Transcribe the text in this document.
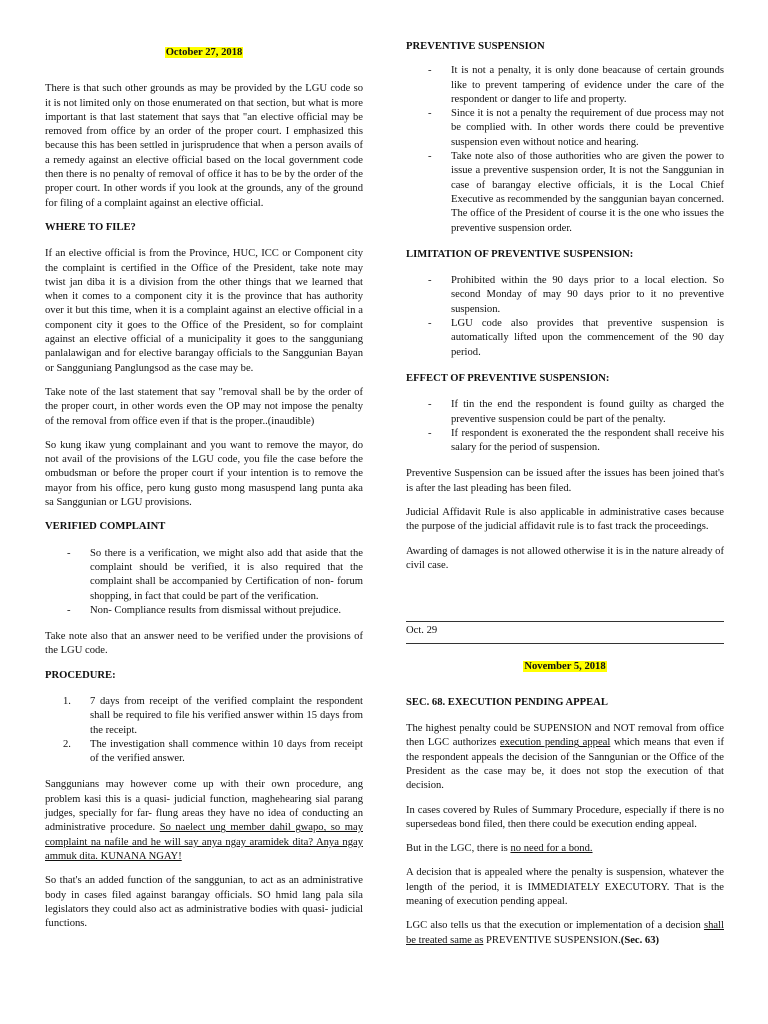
October 27, 2018

There is that such other grounds as may be provided by the LGU code so it is not limited only on those enumerated on that section, but what is more important is that last statement that says that "an elective official may be removed from office by an order of the proper court. I emphasized this because this has been settled in jurisprudence that when a person avails of a remedy against an elective official based on the local government code then there is no penalty of removal of office it has to be by the order of the proper court. In other words if you look at the grounds, any of the ground for filing of a complaint against an elective official.

WHERE TO FILE?

If an elective official is from the Province, HUC, ICC or Component city the complaint is certified in the Office of the President, take note may twist jan diba it is a division from the other things that we learned that when it comes to a component city it is the province that has authority over it but this time, when it is a complaint against an elective official in a component city it goes to the Office of the President, so for complaint against an elective official of a municipality it goes to the sangguniang panlalawigan and for elective barangay officials to the Sanggunian Bayan or Sangguniang Panglungsod as the case may be.

Take note of the last statement that say "removal shall be by the order of the proper court, in other words even the OP may not impose the penalty of the removal from office even if that is the proper..(inaudible)

So kung ikaw yung complainant and you want to remove the mayor, do not avail of the provisions of the LGU code, you file the case before the ombudsman or before the proper court if your intention is to remove the mayor from his office, pero kung gusto mong masuspend lang punta aka sa Sanggunian or LGU provisions.

VERIFIED COMPLAINT
- So there is a verification, we might also add that aside that the complaint should be verified, it is also required that the complaint shall be accompanied by Certification of non- forum shopping, in fact that could be part of the verification.
- Non- Compliance results from dismissal without prejudice.

Take note also that an answer need to be verified under the provisions of the LGU code.

PROCEDURE:
1. 7 days from receipt of the verified complaint the respondent shall be required to file his verified answer within 15 days from the receipt.
2. The investigation shall commence within 10 days from receipt of the verified answer.

Sanggunians may however come up with their own procedure, ang problem kasi this is a quasi- judicial function, maghehearing sial parang judges, specially for far- flung areas they have no idea of conducting an administrative procedure. So naelect ung member dahil gwapo, so may complaint na nafile and he will say anya ngay aramidek dita? Anya ngay ammuk dita. KUNANA NGAY!

So that's an added function of the sanggunian, to act as an administrative body in cases filed against barangay officials. SO hmid lang pala sila legislators they could also act as administrative bodies with quasi- judicial functions.

PREVENTIVE SUSPENSION
- It is not a penalty, it is only done beacause of certain grounds like to prevent tampering of evidence under the care of the respondent or danger to life and property.
- Since it is not a penalty the requirement of due process may not be complied with. In other words there could be preventive suspension even without notice and hearing.
- Take note also of those authorities who are given the power to issue a preventive suspension order, It is not the Sanggunian in case of barangay elective officials, it is the Local Chief Executive as recommended by the sanggunian bayan concerned. The office of the President of course it is the one who issues the preventive suspension order.
LIMITATION OF PREVENTIVE SUSPENSION:
- Prohibited within the 90 days prior to a local election. So second Monday of may 90 days prior to it no preventive suspension.
- LGU code also provides that preventive suspension is automatically lifted upon the commencement of the 90 day period.
EFFECT OF PREVENTIVE SUSPENSION:
- If tin the end the respondent is found guilty as charged the preventive suspension could be part of the penalty.
- If respondent is exonerated the the respondent shall receive his salary for the period of suspension.

Preventive Suspension can be issued after the issues has been joined that's is after the last pleading has been filed.

Judicial Affidavit Rule is also applicable in administrative cases because the purpose of the judicial affidavit rule is to fast track the proceedings.

Awarding of damages is not allowed otherwise it is in the nature already of civil case.

Oct. 29
November 5, 2018
SEC. 68. EXECUTION PENDING APPEAL

The highest penalty could be SUPENSION and NOT removal from office then LGC authorizes execution pending appeal which means that even if the respondent appeals the decision of the Sanngunian or the Office of the President as the case may be, it does not stop the execution of that decision.

In cases covered by Rules of Summary Procedure, especially if there is no supersedeas bond filed, then there could be execution ending appeal.

But in the LGC, there is no need for a bond.

A decision that is appealed where the penalty is suspension, whatever the length of the period, it is IMMEDIATELY EXECUTORY. That is the meaning of execution pending appeal.

LGC also tells us that the execution or implementation of a decision shall be treated same as PREVENTIVE SUSPENSION.(Sec. 63)
